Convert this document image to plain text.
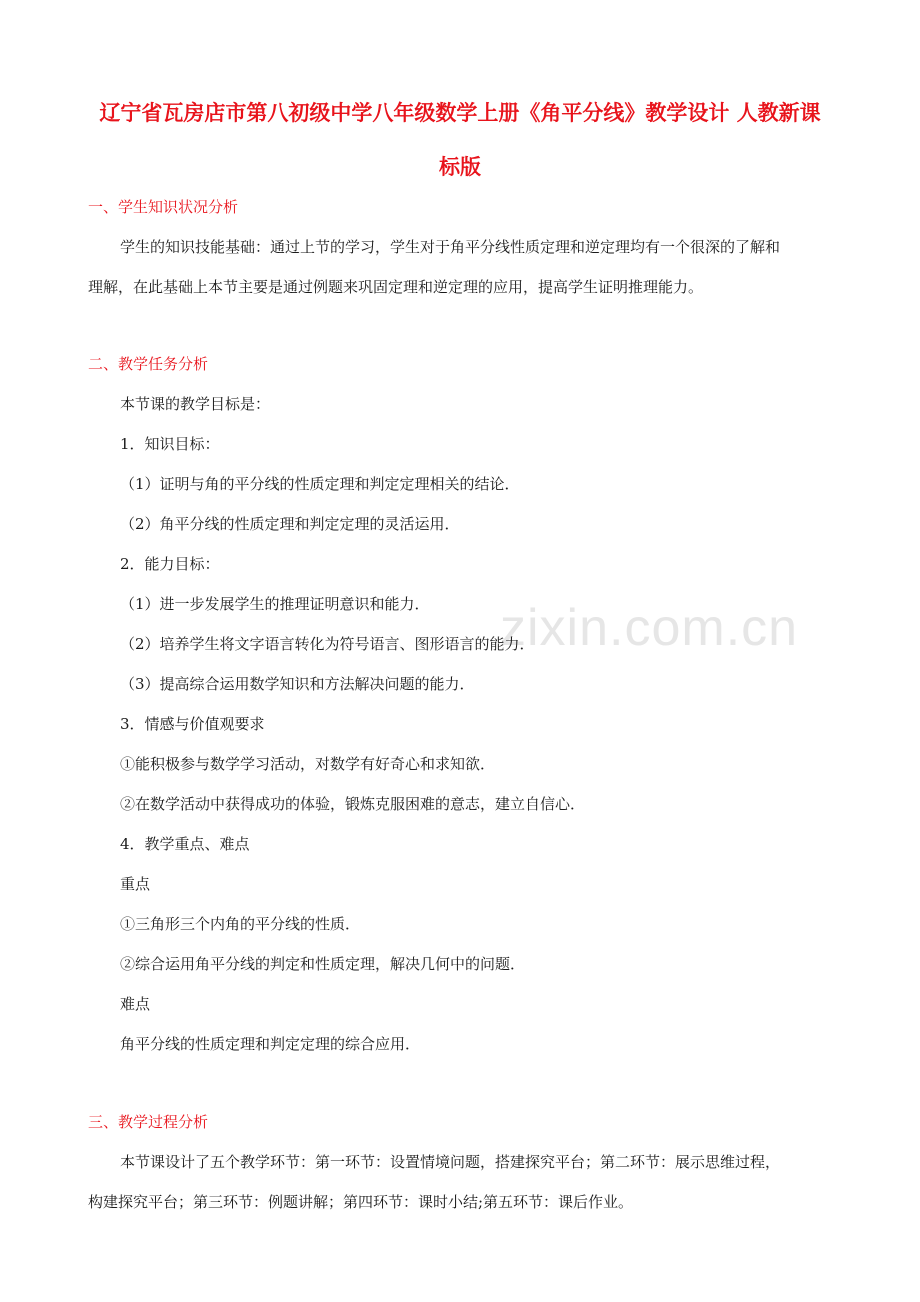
zixin.com.cn
辽宁省瓦房店市第八初级中学八年级数学上册《角平分线》教学设计 人教新课
标版
一、学生知识状况分析
学生的知识技能基础：通过上节的学习，学生对于角平分线性质定理和逆定理均有一个很深的了解和
理解，在此基础上本节主要是通过例题来巩固定理和逆定理的应用，提高学生证明推理能力。
二、教学任务分析
本节课的教学目标是：
1．知识目标：
（1）证明与角的平分线的性质定理和判定定理相关的结论．
（2）角平分线的性质定理和判定定理的灵活运用．
2．能力目标：
（1）进一步发展学生的推理证明意识和能力．
（2）培养学生将文字语言转化为符号语言、图形语言的能力．
（3）提高综合运用数学知识和方法解决问题的能力．
3．情感与价值观要求
①能积极参与数学学习活动，对数学有好奇心和求知欲．
②在数学活动中获得成功的体验，锻炼克服困难的意志，建立自信心．
4．教学重点、难点
重点
①三角形三个内角的平分线的性质．
②综合运用角平分线的判定和性质定理，解决几何中的问题．
难点
角平分线的性质定理和判定定理的综合应用．
三、教学过程分析
本节课设计了五个教学环节：第一环节：设置情境问题，搭建探究平台；第二环节：展示思维过程，
构建探究平台；第三环节：例题讲解；第四环节：课时小结;第五环节：课后作业。
